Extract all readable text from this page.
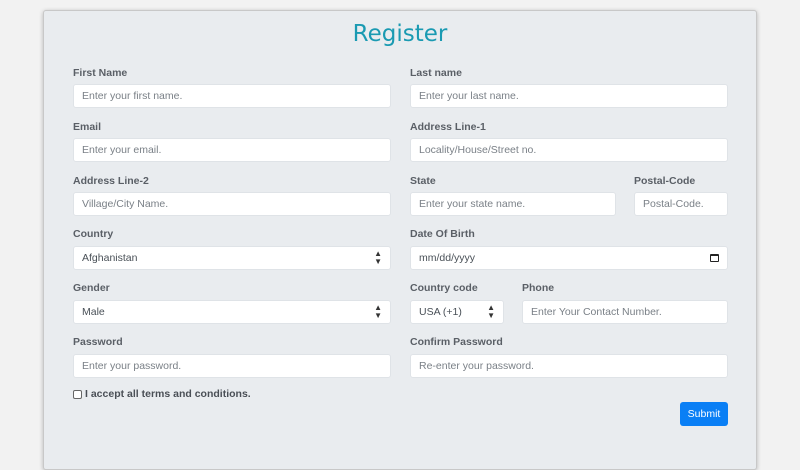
Register
First Name
Enter your first name.
Last name
Enter your last name.
Email
Enter your email.
Address Line-1
Locality/House/Street no.
Address Line-2
Village/City Name.
State
Enter your state name.
Postal-Code
Postal-Code.
Country
Afghanistan	▲
▼
Date Of Birth
mm/dd/yyyy
Gender
Male	▲
▼
Country code
USA (+1)	▲
▼
Phone
Enter Your Contact Number.
Password
Enter your password.
Confirm Password
Re-enter your password.
I accept all terms and conditions.
Submit
